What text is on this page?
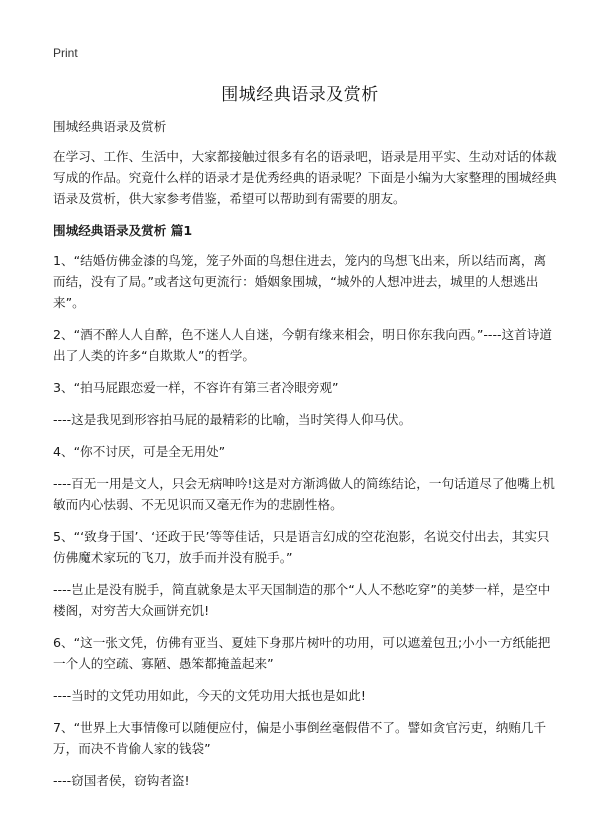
Print
围城经典语录及赏析

围城经典语录及赏析

在学习、工作、生活中，大家都接触过很多有名的语录吧，语录是用平实、生动对话的体裁写成的作品。究竟什么样的语录才是优秀经典的语录呢？下面是小编为大家整理的围城经典语录及赏析，供大家参考借鉴，希望可以帮助到有需要的朋友。

围城经典语录及赏析 篇1

1、“结婚仿佛金漆的鸟笼，笼子外面的鸟想住进去，笼内的鸟想飞出来，所以结而离，离而结，没有了局。”或者这句更流行：婚姻象围城，“城外的人想冲进去，城里的人想逃出来”。

2、“酒不醉人人自醉，色不迷人人自迷，今朝有缘来相会，明日你东我向西。”----这首诗道出了人类的许多“自欺欺人”的哲学。

3、“拍马屁跟恋爱一样，不容许有第三者冷眼旁观”

----这是我见到形容拍马屁的最精彩的比喻，当时笑得人仰马伏。

4、“你不讨厌，可是全无用处”

----百无一用是文人，只会无病呻吟!这是对方渐鸿做人的简练结论，一句话道尽了他嘴上机敏而内心怯弱、不无见识而又毫无作为的悲剧性格。

5、“‘致身于国’、‘还政于民’等等佳话，只是语言幻成的空花泡影，名说交付出去，其实只仿佛魔术家玩的飞刀，放手而并没有脱手。”

----岂止是没有脱手，简直就象是太平天国制造的那个“人人不愁吃穿”的美梦一样，是空中楼阁，对穷苦大众画饼充饥!

6、“这一张文凭，仿佛有亚当、夏娃下身那片树叶的功用，可以遮羞包丑;小小一方纸能把一个人的空疏、寡陋、愚笨都掩盖起来”

----当时的文凭功用如此，今天的文凭功用大抵也是如此!

7、“世界上大事情像可以随便应付，偏是小事倒丝毫假借不了。譬如贪官污吏，纳贿几千万，而决不肯偷人家的钱袋”

----窃国者侯，窃钩者盗!
